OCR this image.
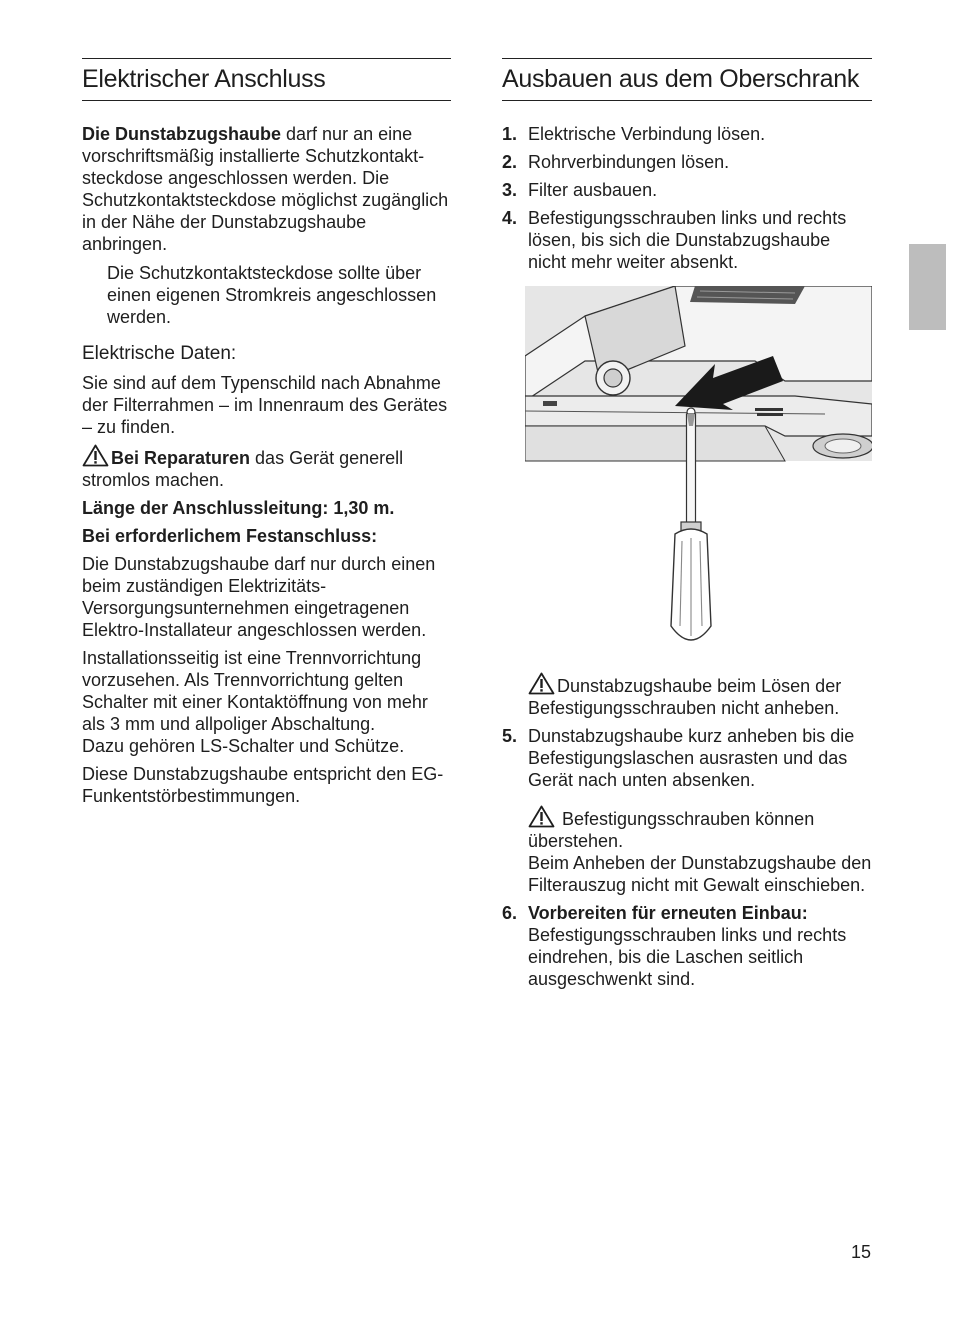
Elektrischer Anschluss

Die Dunstabzugshaube darf nur an eine vorschriftsmäßig installierte Schutzkontaktsteckdose angeschlossen werden. Die Schutzkontaktsteckdose möglichst zugänglich in der Nähe der Dunstabzugshaube anbringen.

Die Schutzkontaktsteckdose sollte über einen eigenen Stromkreis angeschlossen werden.

Elektrische Daten:

Sie sind auf dem Typenschild nach Abnahme der Filterrahmen – im Innenraum des Gerätes – zu finden.

Bei Reparaturen das Gerät generell stromlos machen.

Länge der Anschlussleitung: 1,30 m.

Bei erforderlichem Festanschluss:

Die Dunstabzugshaube darf nur durch einen beim zuständigen Elektrizitäts-Versorgungsunternehmen eingetragenen Elektro-Installateur angeschlossen werden.

Installationsseitig ist eine Trennvorrichtung vorzusehen. Als Trennvorrichtung gelten Schalter mit einer Kontaktöffnung von mehr als 3 mm und allpoliger Abschaltung.
Dazu gehören LS-Schalter und Schütze.

Diese Dunstabzugshaube entspricht den EG-Funkentstörbestimmungen.

Ausbauen aus dem Oberschrank
1. Elektrische Verbindung lösen.
2. Rohrverbindungen lösen.
3. Filter ausbauen.
4. Befestigungsschrauben links und rechts lösen, bis sich die Dunstabzugshaube nicht mehr weiter absenkt.

Dunstabzugshaube beim Lösen der Befestigungsschrauben nicht anheben.

5. Dunstabzugshaube kurz anheben bis die Befestigungslaschen ausrasten und das Gerät nach unten absenken.

Befestigungsschrauben können überstehen.
Beim Anheben der Dunstabzugshaube den Filterauszug nicht mit Gewalt einschieben.

6. Vorbereiten für erneuten Einbau:
Befestigungsschrauben links und rechts eindrehen, bis die Laschen seitlich ausgeschwenkt sind.
15
